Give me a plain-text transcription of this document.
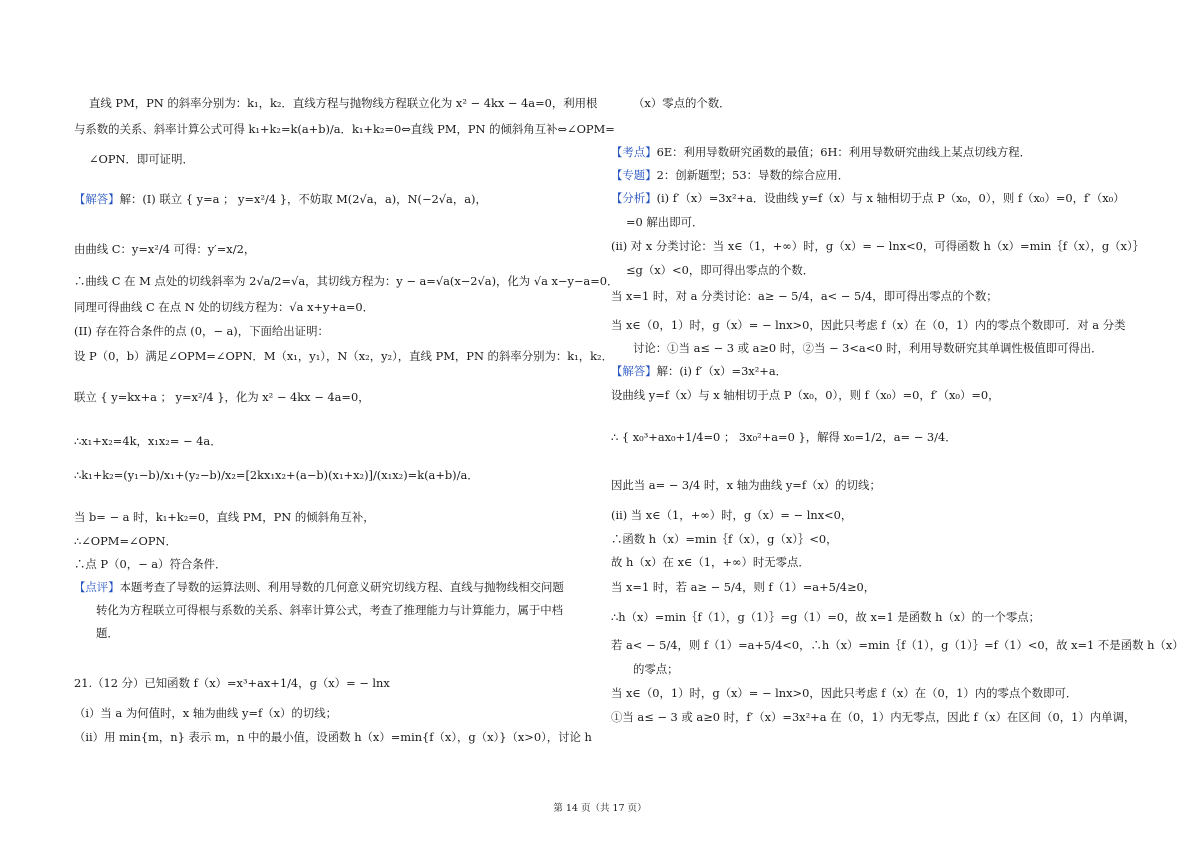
直线 PM，PN 的斜率分别为：k₁，k₂．直线方程与抛物线方程联立化为 x² − 4kx − 4a=0，利用根
与系数的关系、斜率计算公式可得 k₁+k₂=k(a+b)/a．k₁+k₂=0⇔直线 PM，PN 的倾斜角互补⇔∠OPM=
∠OPN．即可证明．
【解答】解：(I) 联立 { y=a ； y=x²/4 }，不妨取 M(2√a，a)，N(−2√a，a)，
由曲线 C：y=x²/4 可得：y′=x/2，
∴曲线 C 在 M 点处的切线斜率为 2√a/2=√a，其切线方程为：y − a=√a(x−2√a)，化为 √a x−y−a=0．
同理可得曲线 C 在点 N 处的切线方程为：√a x+y+a=0．
(II) 存在符合条件的点 (0，− a)，下面给出证明：
设 P（0，b）满足∠OPM=∠OPN．M（x₁，y₁），N（x₂，y₂），直线 PM，PN 的斜率分别为：k₁，k₂．
联立 { y=kx+a ； y=x²/4 }，化为 x² − 4kx − 4a=0，
∴x₁+x₂=4k，x₁x₂= − 4a．
∴k₁+k₂=(y₁−b)/x₁+(y₂−b)/x₂=[2kx₁x₂+(a−b)(x₁+x₂)]/(x₁x₂)=k(a+b)/a．
当 b= − a 时，k₁+k₂=0，直线 PM，PN 的倾斜角互补，
∴∠OPM=∠OPN．
∴点 P（0，− a）符合条件．
【点评】本题考查了导数的运算法则、利用导数的几何意义研究切线方程、直线与抛物线相交问题
转化为方程联立可得根与系数的关系、斜率计算公式，考查了推理能力与计算能力，属于中档
题．
21.（12 分）已知函数 f（x）=x³+ax+1/4，g（x）= − lnx
（i）当 a 为何值时，x 轴为曲线 y=f（x）的切线；
（ii）用 min{m，n} 表示 m，n 中的最小值，设函数 h（x）=min{f（x），g（x）}（x>0），讨论 h
（x）零点的个数．
【考点】6E：利用导数研究函数的最值；6H：利用导数研究曲线上某点切线方程．
【专题】2：创新题型；53：导数的综合应用．
【分析】(i) f′（x）=3x²+a．设曲线 y=f（x）与 x 轴相切于点 P（x₀，0），则 f（x₀）=0，f′（x₀）
=0 解出即可．
(ii) 对 x 分类讨论：当 x∈（1，+∞）时，g（x）= − lnx<0，可得函数 h（x）=min｛f（x），g（x）｝
≤g（x）<0，即可得出零点的个数．
当 x=1 时，对 a 分类讨论：a≥ − 5/4，a< − 5/4，即可得出零点的个数；
当 x∈（0，1）时，g（x）= − lnx>0，因此只考虑 f（x）在（0，1）内的零点个数即可．对 a 分类
讨论：①当 a≤ − 3 或 a≥0 时，②当 − 3<a<0 时，利用导数研究其单调性极值即可得出．
【解答】解：(i) f′（x）=3x²+a．
设曲线 y=f（x）与 x 轴相切于点 P（x₀，0），则 f（x₀）=0，f′（x₀）=0，
∴ { x₀³+ax₀+1/4=0 ； 3x₀²+a=0 }，解得 x₀=1/2，a= − 3/4．
因此当 a= − 3/4 时，x 轴为曲线 y=f（x）的切线；
(ii) 当 x∈（1，+∞）时，g（x）= − lnx<0，
∴函数 h（x）=min｛f（x），g（x）｝<0，
故 h（x）在 x∈（1，+∞）时无零点．
当 x=1 时，若 a≥ − 5/4，则 f（1）=a+5/4≥0，
∴h（x）=min｛f（1），g（1）｝=g（1）=0，故 x=1 是函数 h（x）的一个零点；
若 a< − 5/4，则 f（1）=a+5/4<0，∴h（x）=min｛f（1），g（1）｝=f（1）<0，故 x=1 不是函数 h（x）
的零点；
当 x∈（0，1）时，g（x）= − lnx>0，因此只考虑 f（x）在（0，1）内的零点个数即可．
①当 a≤ − 3 或 a≥0 时，f′（x）=3x²+a 在（0，1）内无零点，因此 f（x）在区间（0，1）内单调，
第 14 页（共 17 页）
